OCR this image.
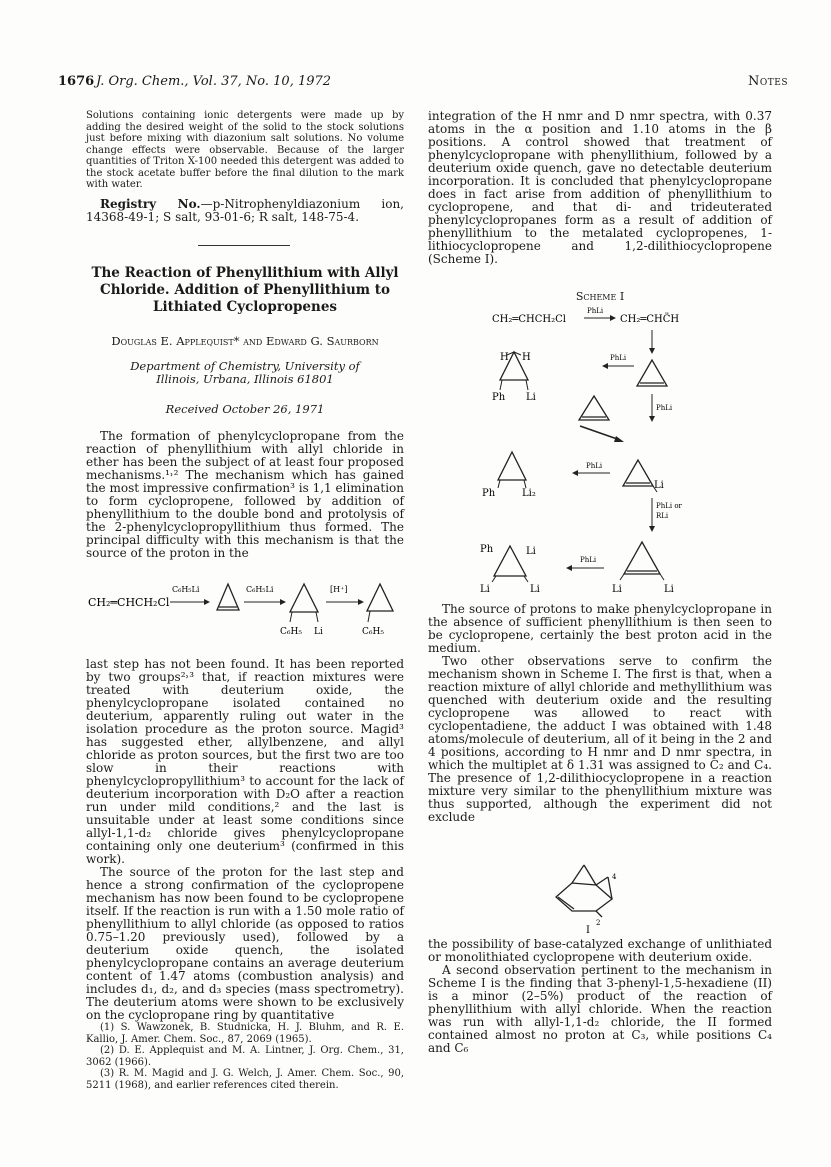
1676 J. Org. Chem., Vol. 37, No. 10, 1972	Notes
Solutions containing ionic detergents were made up by adding the desired weight of the solid to the stock solutions just before mixing with diazonium salt solutions. No volume change effects were observable. Because of the larger quantities of Triton X-100 needed this detergent was added to the stock acetate buffer before the final dilution to the mark with water.

Registry No.—p-Nitrophenyldiazonium ion, 14368-49-1; S salt, 93-01-6; R salt, 148-75-4.

The Reaction of Phenyllithium with Allyl Chloride. Addition of Phenyllithium to Lithiated Cyclopropenes
Douglas E. Applequist* and Edward G. Saurborn
Department of Chemistry, University of Illinois, Urbana, Illinois 61801
Received October 26, 1971

The formation of phenylcyclopropane from the reaction of phenyllithium with allyl chloride in ether has been the subject of at least four proposed mechanisms.¹˒² The mechanism which has gained the most impressive confirmation³ is 1,1 elimination to form cyclopropene, followed by addition of phenyllithium to the double bond and protolysis of the 2-phenylcyclopropyllithium thus formed. The principal difficulty with this mechanism is that the source of the proton in the

CH₂═CHCH₂Cl
C₆H₅Li	C₆H₅Li
C₆H₅ Li
[H⁺]
C₆H₅

last step has not been found. It has been reported by two groups²˒³ that, if reaction mixtures were treated with deuterium oxide, the phenylcyclopropane isolated contained no deuterium, apparently ruling out water in the isolation procedure as the proton source. Magid³ has suggested ether, allylbenzene, and allyl chloride as proton sources, but the first two are too slow in their reactions with phenylcyclopropyllithium³ to account for the lack of deuterium incorporation with D₂O after a reaction run under mild conditions,² and the last is unsuitable under at least some conditions since allyl-1,1-d₂ chloride gives phenylcyclopropane containing only one deuterium³ (confirmed in this work).

The source of the proton for the last step and hence a strong confirmation of the cyclopropene mechanism has now been found to be cyclopropene itself. If the reaction is run with a 1.50 mole ratio of phenyllithium to allyl chloride (as opposed to ratios 0.75–1.20 previously used), followed by a deuterium oxide quench, the isolated phenylcyclopropane contains an average deuterium content of 1.47 atoms (combustion analysis) and includes d₁, d₂, and d₃ species (mass spectrometry). The deuterium atoms were shown to be exclusively on the cyclopropane ring by quantitative

(1) S. Wawzonek, B. Studnicka, H. J. Bluhm, and R. E. Kallio, J. Amer. Chem. Soc., 87, 2069 (1965).

(2) D. E. Applequist and M. A. Lintner, J. Org. Chem., 31, 3062 (1966).

(3) R. M. Magid and J. G. Welch, J. Amer. Chem. Soc., 90, 5211 (1968), and earlier references cited therein.

integration of the H nmr and D nmr spectra, with 0.37 atoms in the α position and 1.10 atoms in the β positions. A control showed that treatment of phenylcyclopropane with phenyllithium, followed by a deuterium oxide quench, gave no detectable deuterium incorporation. It is concluded that phenylcyclopropane does in fact arise from addition of phenyllithium to cyclopropene, and that di- and trideuterated phenylcyclopropanes form as a result of addition of phenyllithium to the metalated cyclopropenes, 1-lithiocyclopropene and 1,2-dilithiocyclopropene (Scheme I).

Scheme I
CH₂═CHCH₂Cl
PhLi
CH₂═CHC̈H
H H
Ph Li
PhLi
PhLi
Ph	Li₂
PhLi
Li
PhLi or
RLi
Ph	Li
Li	Li
PhLi
Li	Li

The source of protons to make phenylcyclopropane in the absence of sufficient phenyllithium is then seen to be cyclopropene, certainly the best proton acid in the medium.

Two other observations serve to confirm the mechanism shown in Scheme I. The first is that, when a reaction mixture of allyl chloride and methyllithium was quenched with deuterium oxide and the resulting cyclopropene was allowed to react with cyclopentadiene, the adduct I was obtained with 1.48 atoms/molecule of deuterium, all of it being in the 2 and 4 positions, according to H nmr and D nmr spectra, in which the multiplet at δ 1.31 was assigned to C₂ and C₄. The presence of 1,2-dilithiocyclopropene in a reaction mixture very similar to the phenyllithium mixture was thus supported, although the experiment did not exclude

4
2
I

the possibility of base-catalyzed exchange of unlithiated or monolithiated cyclopropene with deuterium oxide.

A second observation pertinent to the mechanism in Scheme I is the finding that 3-phenyl-1,5-hexadiene (II) is a minor (2–5%) product of the reaction of phenyllithium with allyl chloride. When the reaction was run with allyl-1,1-d₂ chloride, the II formed contained almost no proton at C₃, while positions C₄ and C₆
